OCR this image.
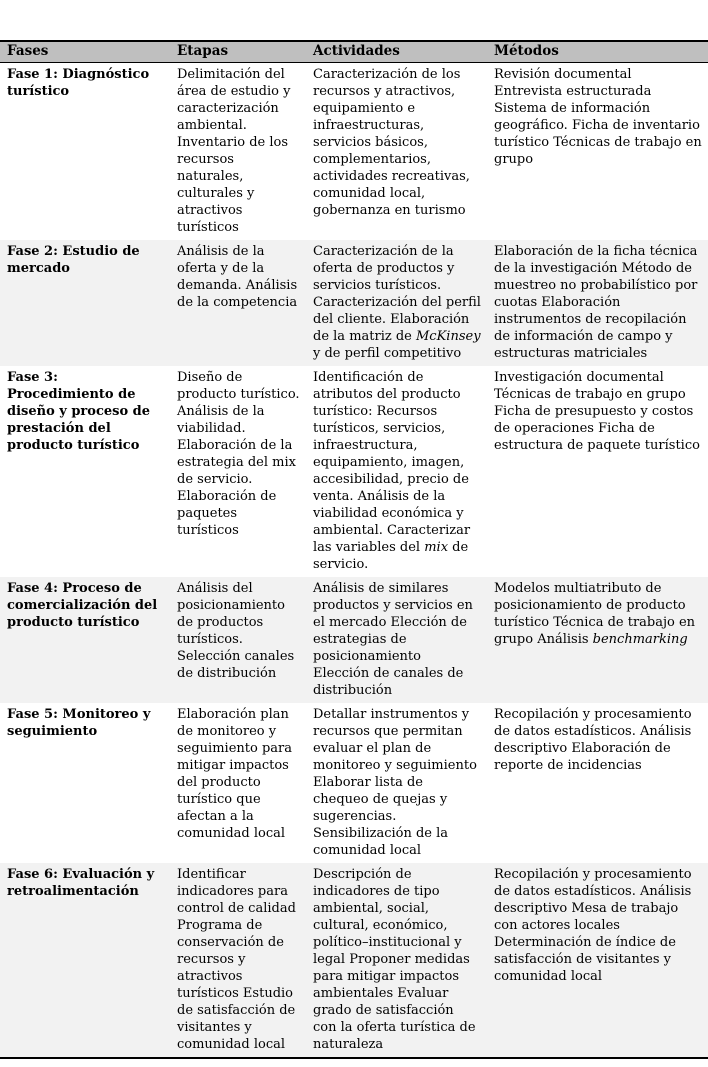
Fases	Etapas	Actividades	Métodos
Fase 1: Diagnóstico turístico	Delimitación del área de estudio y caracterización ambiental. Inventario de los recursos naturales, culturales y atractivos turísticos	Caracterización de los recursos y atractivos, equipamiento e infraestructuras, servicios básicos, complementarios, actividades recreativas, comunidad local, gobernanza en turismo	Revisión documental Entrevista estructurada Sistema de información geográfico. Ficha de inventario turístico Técnicas de trabajo en grupo
Fase 2: Estudio de mercado	Análisis de la oferta y de la demanda. Análisis de la competencia	Caracterización de la oferta de productos y servicios turísticos. Caracterización del perfil del cliente. Elaboración de la matriz de McKinsey y de perfil competitivo	Elaboración de la ficha técnica de la investigación Método de muestreo no probabilístico por cuotas Elaboración instrumentos de recopilación de información de campo y estructuras matriciales
Fase 3: Procedimiento de diseño y proceso de prestación del producto turístico	Diseño de producto turístico. Análisis de la viabilidad. Elaboración de la estrategia del mix de servicio. Elaboración de paquetes turísticos	Identificación de atributos del producto turístico: Recursos turísticos, servicios, infraestructura, equipamiento, imagen, accesibilidad, precio de venta. Análisis de la viabilidad económica y ambiental. Caracterizar las variables del mix de servicio.	Investigación documental Técnicas de trabajo en grupo Ficha de presupuesto y costos de operaciones Ficha de estructura de paquete turístico
Fase 4: Proceso de comercialización del producto turístico	Análisis del posicionamiento de productos turísticos. Selección canales de distribución	Análisis de similares productos y servicios en el mercado Elección de estrategias de posicionamiento Elección de canales de distribución	Modelos multiatributo de posicionamiento de producto turístico Técnica de trabajo en grupo Análisis benchmarking
Fase 5: Monitoreo y seguimiento	Elaboración plan de monitoreo y seguimiento para mitigar impactos del producto turístico que afectan a la comunidad local	Detallar instrumentos y recursos que permitan evaluar el plan de monitoreo y seguimiento Elaborar lista de chequeo de quejas y sugerencias. Sensibilización de la comunidad local	Recopilación y procesamiento de datos estadísticos. Análisis descriptivo Elaboración de reporte de incidencias
Fase 6: Evaluación y retroalimentación	Identificar indicadores para control de calidad Programa de conservación de recursos y atractivos turísticos Estudio de satisfacción de visitantes y comunidad local	Descripción de indicadores de tipo ambiental, social, cultural, económico, político–institucional y legal Proponer medidas para mitigar impactos ambientales Evaluar grado de satisfacción con la oferta turística de naturaleza	Recopilación y procesamiento de datos estadísticos. Análisis descriptivo Mesa de trabajo con actores locales Determinación de índice de satisfacción de visitantes y comunidad local
